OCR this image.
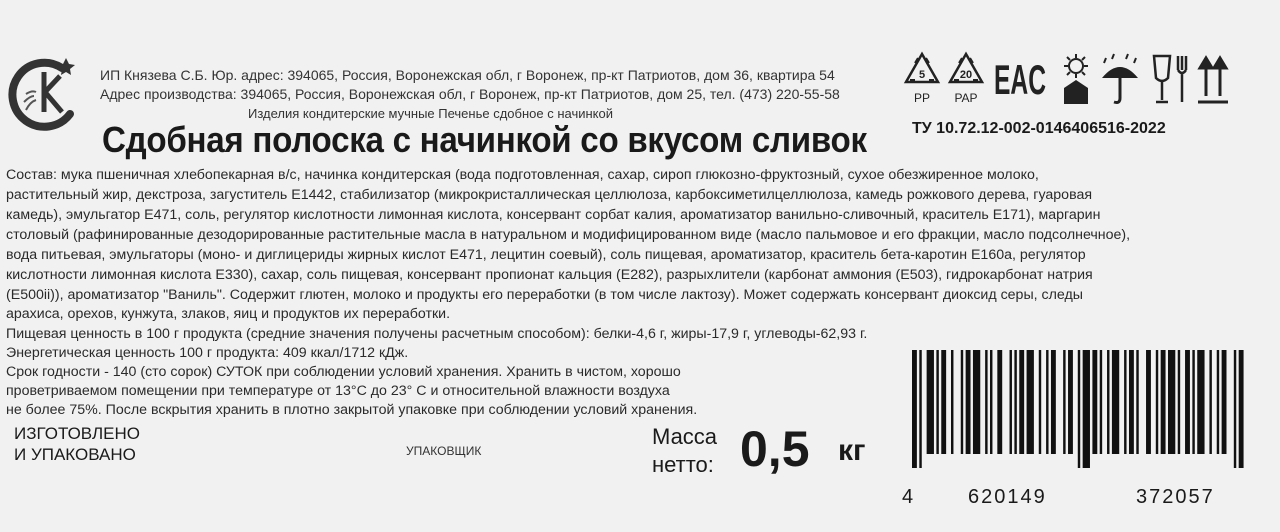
ИП Князева С.Б. Юр. адрес: 394065, Россия, Воронежская обл, г Воронеж, пр-кт Патриотов, дом 36, квартира 54
Адрес производства: 394065, Россия, Воронежская обл, г Воронеж, пр-кт Патриотов, дом 25, тел. (473) 220-55-58
Изделия кондитерские мучные Печенье сдобное с начинкой
Сдобная полоска с начинкой со вкусом сливок	ТУ 10.72.12-002-0146406516-2022
5
PP
20
PAP EAC
Состав: мука пшеничная хлебопекарная в/с, начинка кондитерская (вода подготовленная, сахар, сироп глюкозно-фруктозный, сухое обезжиренное молоко,
растительный жир, декстроза, загуститель Е1442, стабилизатор (микрокристаллическая целлюлоза, карбоксиметилцеллюлоза, камедь рожкового дерева, гуаровая
камедь), эмульгатор Е471, соль, регулятор кислотности лимонная кислота, консервант сорбат калия, ароматизатор ванильно-сливочный, краситель Е171), маргарин
столовый (рафинированные дезодорированные растительные масла в натуральном и модифицированном виде (масло пальмовое и его фракции, масло подсолнечное),
вода питьевая, эмульгаторы (моно- и диглицериды жирных кислот Е471, лецитин соевый), соль пищевая, ароматизатор, краситель бета-каротин Е160а, регулятор
кислотности лимонная кислота Е330), сахар, соль пищевая, консервант пропионат кальция (Е282), разрыхлители (карбонат аммония (Е503), гидрокарбонат натрия
(Е500ii)), ароматизатор "Ваниль". Содержит глютен, молоко и продукты его переработки (в том числе лактозу). Может содержать консервант диоксид серы, следы
арахиса, орехов, кунжута, злаков, яиц и продуктов их переработки.
Пищевая ценность в 100 г продукта (средние значения получены расчетным способом): белки-4,6 г, жиры-17,9 г, углеводы-62,93 г.
Энергетическая ценность 100 г продукта: 409 ккал/1712 кДж.
Срок годности - 140 (сто сорок) СУТОК при соблюдении условий хранения. Хранить в чистом, хорошо
проветриваемом помещении при температуре от 13°С до 23° С и относительной влажности воздуха
не более 75%. После вскрытия хранить в плотно закрытой упаковке при соблюдении условий хранения.
ИЗГОТОВЛЕНО
И УПАКОВАНО	УПАКОВЩИК
Масса
нетто: 0,5 кг
4	620149	372057
